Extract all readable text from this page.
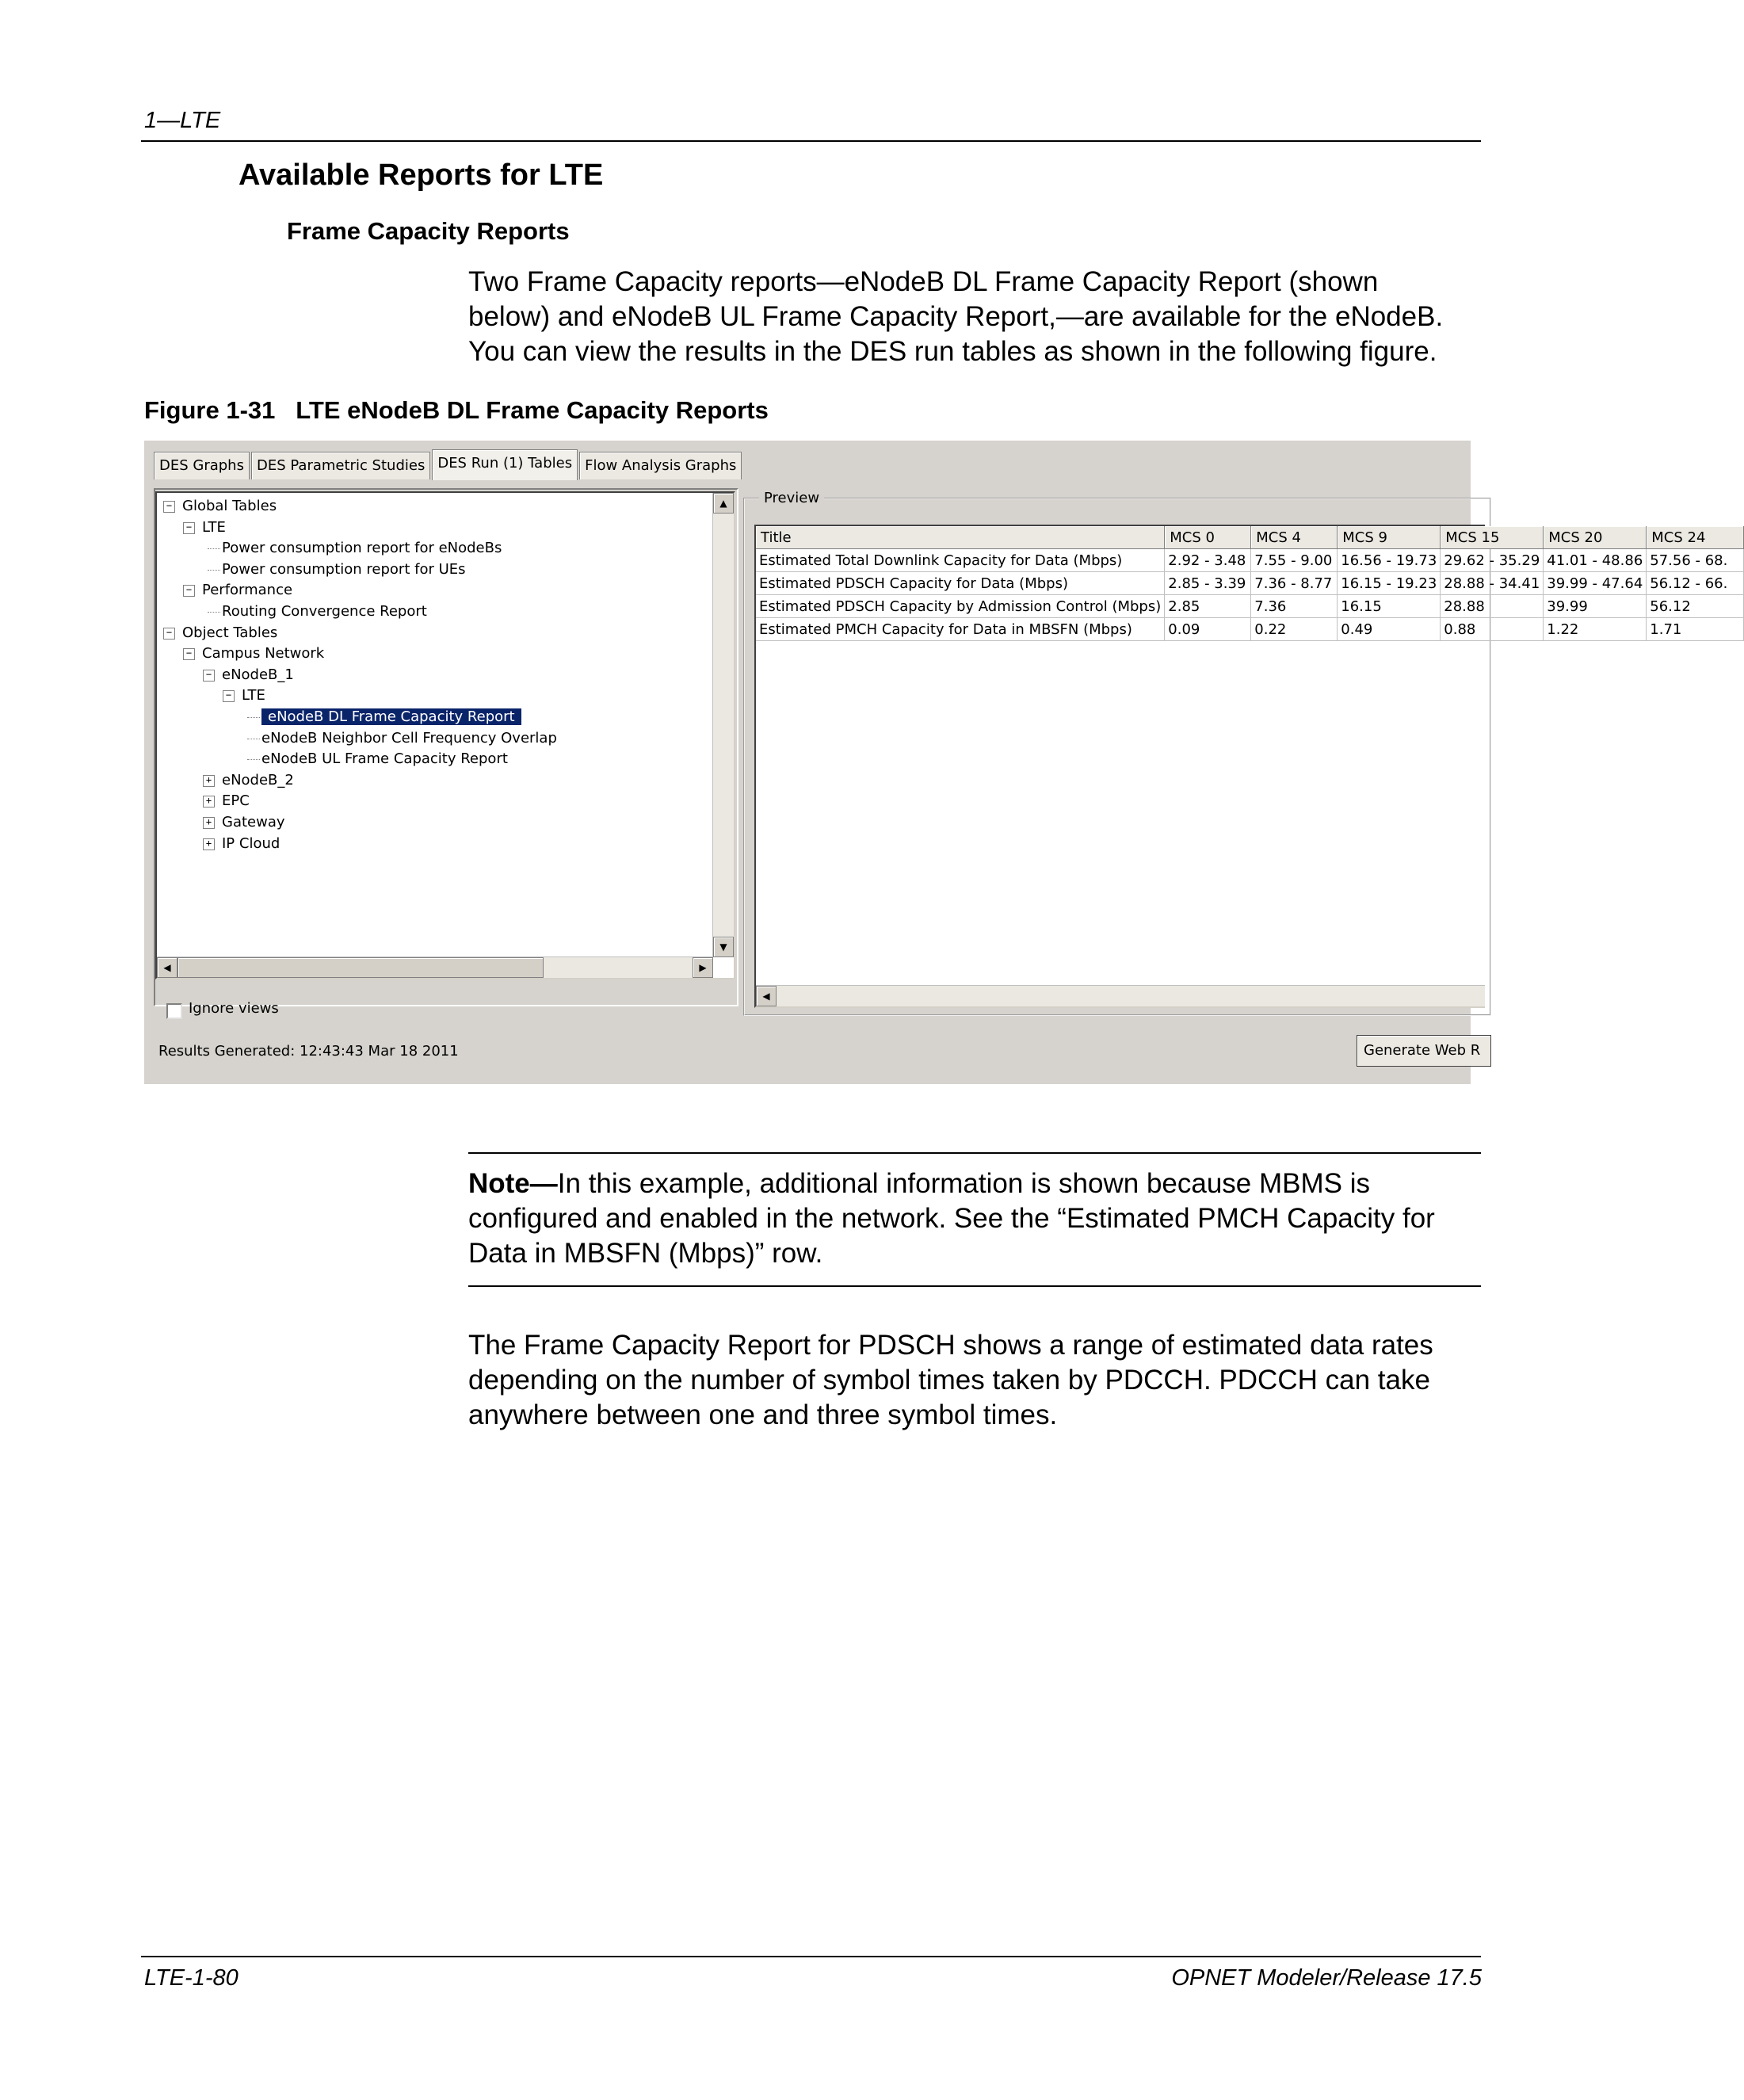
1—LTE
Available Reports for LTE
Frame Capacity Reports
Two Frame Capacity reports—eNodeB DL Frame Capacity Report (shown
below) and eNodeB UL Frame Capacity Report,—are available for the eNodeB.
You can view the results in the DES run tables as shown in the following figure.
Figure 1-31 LTE eNodeB DL Frame Capacity Reports
DES Graphs DES Parametric Studies DES Run (1) Tables Flow Analysis Graphs
− Global Tables
− LTE
Power consumption report for eNodeBs
Power consumption report for UEs
− Performance
Routing Convergence Report
− Object Tables
− Campus Network
− eNodeB_1
− LTE
eNodeB DL Frame Capacity Report
eNodeB Neighbor Cell Frequency Overlap
eNodeB UL Frame Capacity Report
+ eNodeB_2
+ EPC
+ Gateway
+ IP Cloud
▲
▼
◀	▶
Ignore views
Preview
Title	MCS 0	MCS 4	MCS 9	MCS 15	MCS 20	MCS 24
Estimated Total Downlink Capacity for Data (Mbps)	2.92 - 3.48	7.55 - 9.00	16.56 - 19.73	29.62 - 35.29	41.01 - 48.86	57.56 - 68.
Estimated PDSCH Capacity for Data (Mbps)	2.85 - 3.39	7.36 - 8.77	16.15 - 19.23	28.88 - 34.41	39.99 - 47.64	56.12 - 66.
Estimated PDSCH Capacity by Admission Control (Mbps)	2.85	7.36	16.15	28.88	39.99	56.12
Estimated PMCH Capacity for Data in MBSFN (Mbps)	0.09	0.22	0.49	0.88	1.22	1.71
◀
Results Generated: 12:43:43 Mar 18 2011	Generate Web R
Note—In this example, additional information is shown because MBMS is
configured and enabled in the network. See the “Estimated PMCH Capacity for
Data in MBSFN (Mbps)” row.
The Frame Capacity Report for PDSCH shows a range of estimated data rates
depending on the number of symbol times taken by PDCCH. PDCCH can take
anywhere between one and three symbol times.
LTE-1-80	OPNET Modeler/Release 17.5
